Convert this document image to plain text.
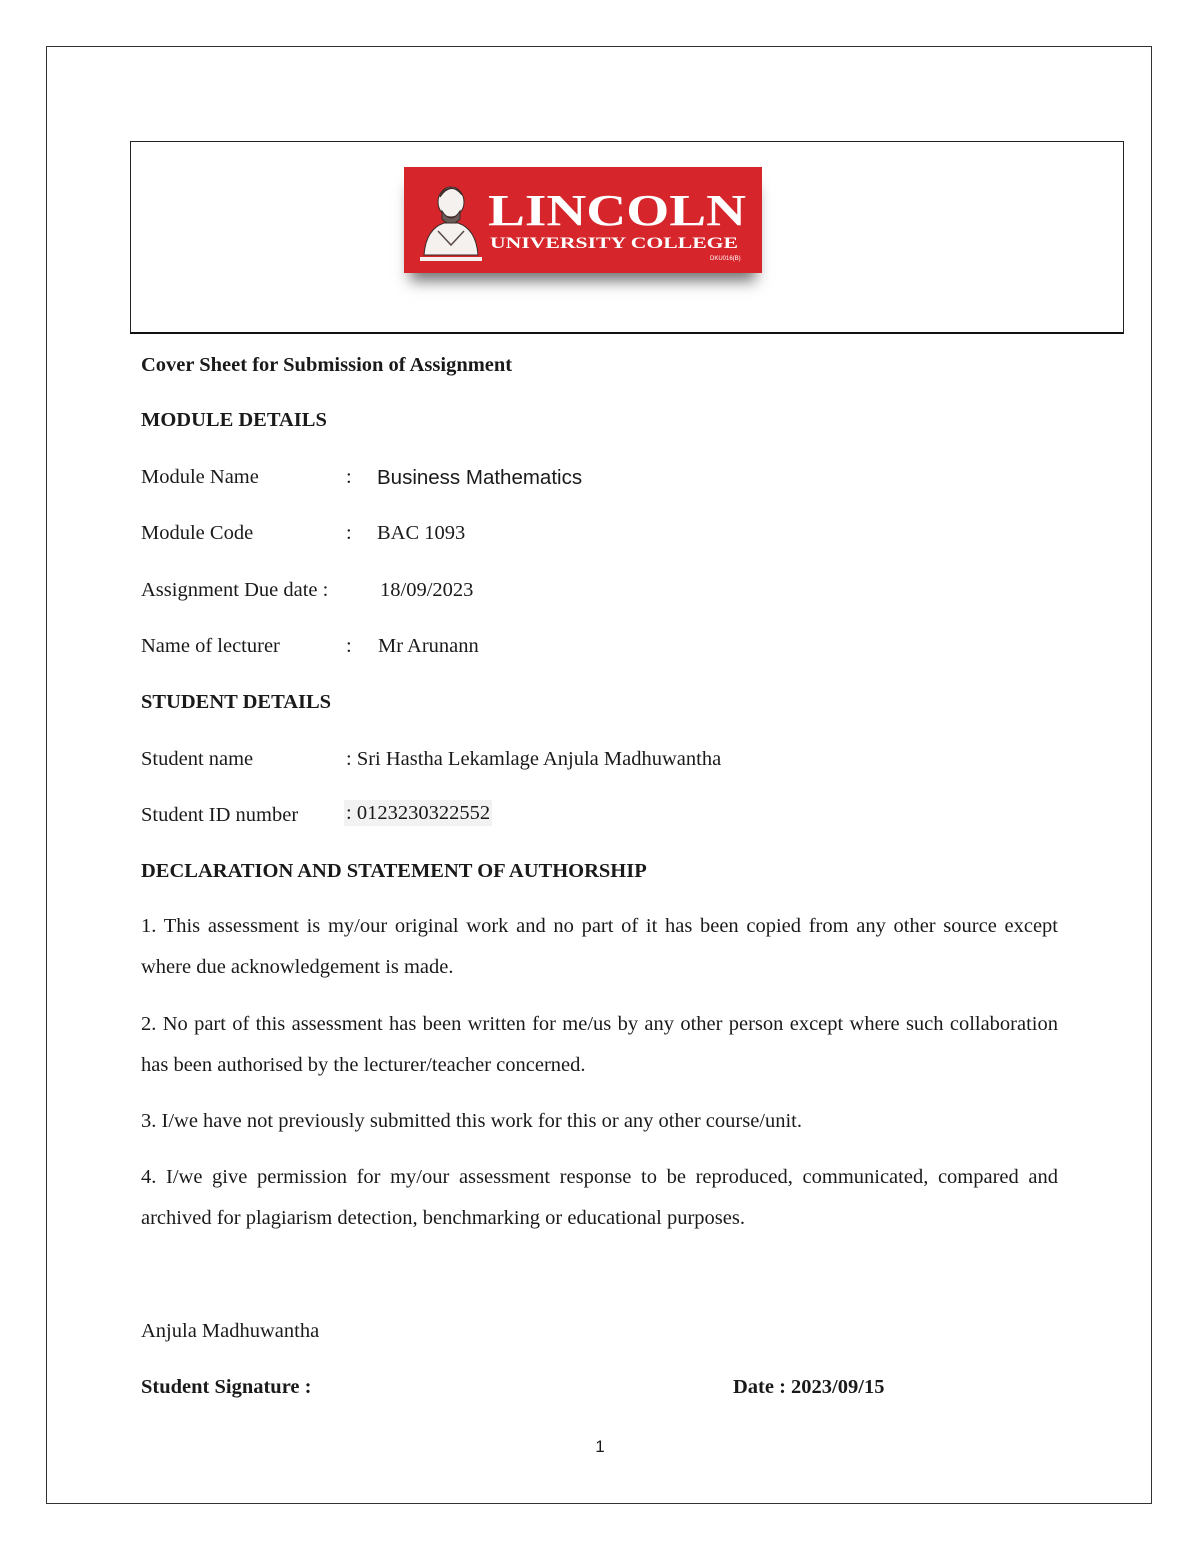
LINCOLN
UNIVERSITY COLLEGE
DKU016(B)
Cover Sheet for Submission of Assignment
MODULE DETAILS
Module Name	: Business Mathematics
Module Code	: BAC 1093
Assignment Due date :	18/09/2023
Name of lecturer	: Mr Arunann
STUDENT DETAILS
Student name	: Sri Hastha Lekamlage Anjula Madhuwantha
Student ID number : 0123230322552
DECLARATION AND STATEMENT OF AUTHORSHIP
1. This assessment is my/our original work and no part of it has been copied from any other source except where due acknowledgement is made.
2. No part of this assessment has been written for me/us by any other person except where such collaboration has been authorised by the lecturer/teacher concerned.
3. I/we have not previously submitted this work for this or any other course/unit.
4. I/we give permission for my/our assessment response to be reproduced, communicated, compared and archived for plagiarism detection, benchmarking or educational purposes.
Anjula Madhuwantha
Student Signature :	Date : 2023/09/15
1
